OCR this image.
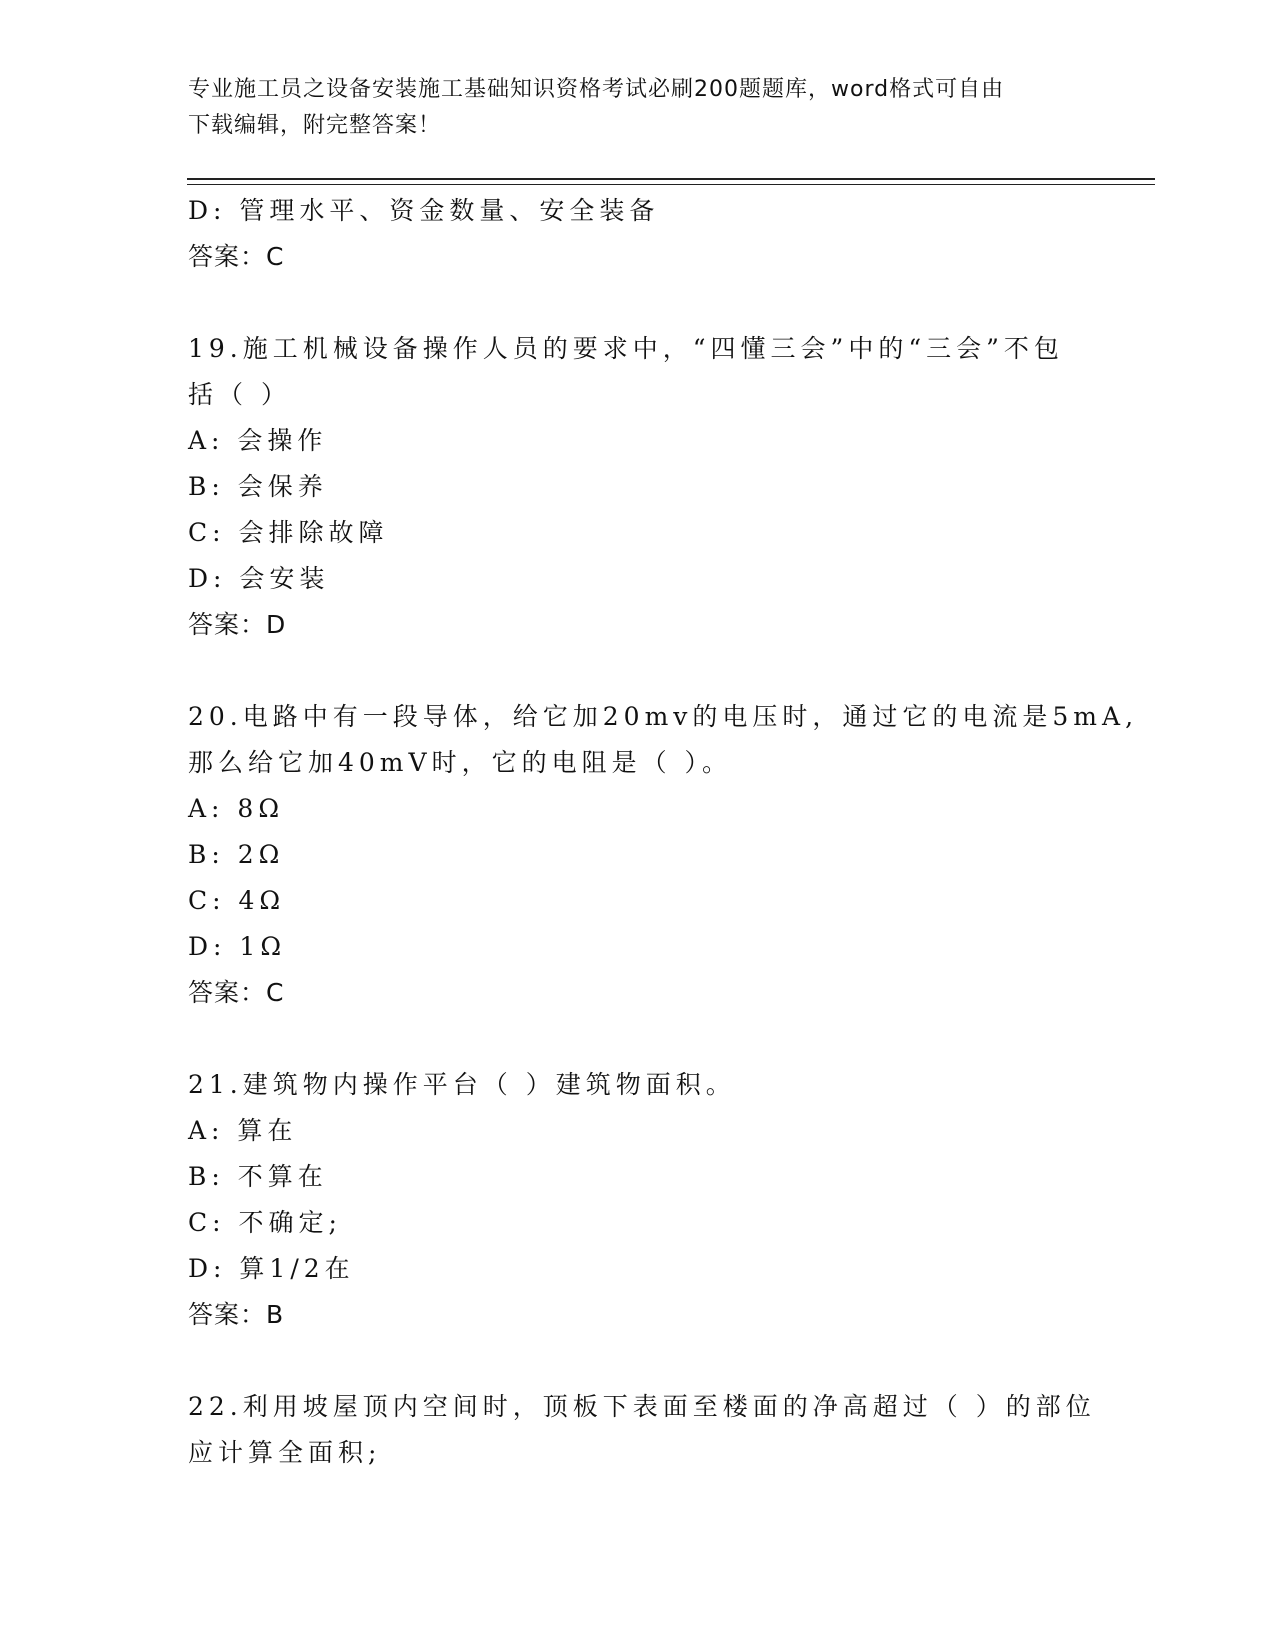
专业施工员之设备安装施工基础知识资格考试必刷200题题库，word格式可自由
下载编辑，附完整答案！
D: 管理水平、资金数量、安全装备
答案：C
19.施工机械设备操作人员的要求中，“四懂三会”中的“三会”不包
括（ ）
A: 会操作
B: 会保养
C: 会排除故障
D: 会安装
答案：D
20.电路中有一段导体，给它加20mv的电压时，通过它的电流是5mA,
那么给它加40mV时，它的电阻是（ ）。
A: 8Ω
B: 2Ω
C: 4Ω
D: 1Ω
答案：C
21.建筑物内操作平台（ ）建筑物面积。
A: 算在
B: 不算在
C: 不确定;
D: 算1/2在
答案：B
22.利用坡屋顶内空间时，顶板下表面至楼面的净高超过（ ）的部位
应计算全面积;
